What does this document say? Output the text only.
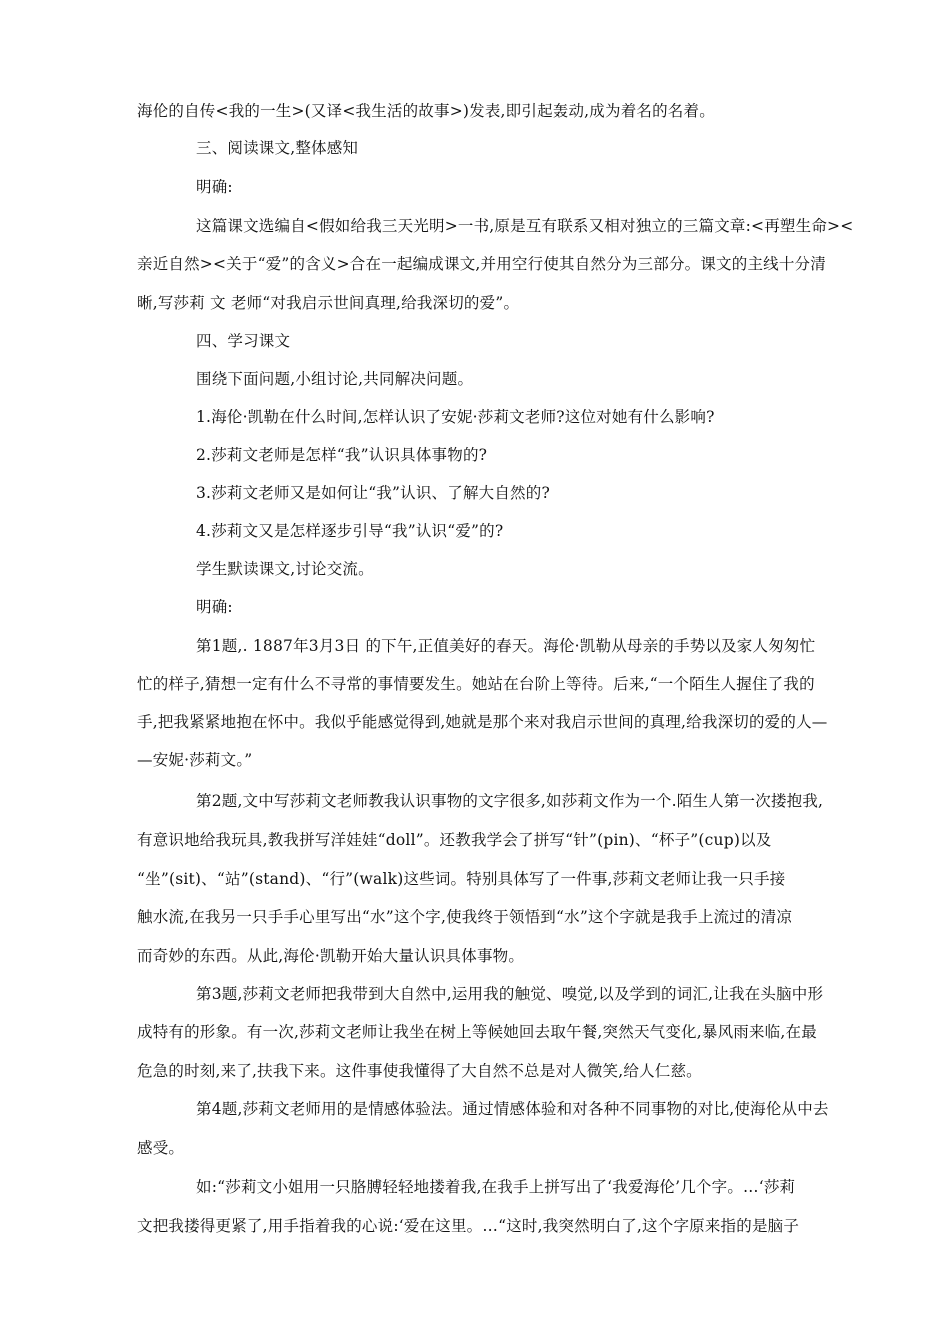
海伦的自传<我的一生>(又译<我生活的故事>)发表,即引起轰动,成为着名的名着。
三、阅读课文,整体感知
明确:
这篇课文选编自<假如给我三天光明>一书,原是互有联系又相对独立的三篇文章:<再塑生命><
亲近自然><关于“爱”的含义>合在一起编成课文,并用空行使其自然分为三部分。课文的主线十分清
晰,写莎莉 文 老师“对我启示世间真理,给我深切的爱”。
四、学习课文
围绕下面问题,小组讨论,共同解决问题。
1.海伦·凯勒在什么时间,怎样认识了安妮·莎莉文老师?这位对她有什么影响?
2.莎莉文老师是怎样“我”认识具体事物的?
3.莎莉文老师又是如何让“我”认识、了解大自然的?
4.莎莉文又是怎样逐步引导“我”认识“爱”的?
学生默读课文,讨论交流。
明确:
第1题,. 1887年3月3日 的下午,正值美好的春天。海伦·凯勒从母亲的手势以及家人匆匆忙
忙的样子,猜想一定有什么不寻常的事情要发生。她站在台阶上等待。后来,“一个陌生人握住了我的
手,把我紧紧地抱在怀中。我似乎能感觉得到,她就是那个来对我启示世间的真理,给我深切的爱的人—
—安妮·莎莉文。”
第2题,文中写莎莉文老师教我认识事物的文字很多,如莎莉文作为一个.陌生人第一次搂抱我,
有意识地给我玩具,教我拼写洋娃娃“doll”。还教我学会了拼写“针”(pin)、“杯子”(cup)以及
“坐”(sit)、“站”(stand)、“行”(walk)这些词。特别具体写了一件事,莎莉文老师让我一只手接
触水流,在我另一只手手心里写出“水”这个字,使我终于领悟到“水”这个字就是我手上流过的清凉
而奇妙的东西。从此,海伦·凯勒开始大量认识具体事物。
第3题,莎莉文老师把我带到大自然中,运用我的触觉、嗅觉,以及学到的词汇,让我在头脑中形
成特有的形象。有一次,莎莉文老师让我坐在树上等候她回去取午餐,突然天气变化,暴风雨来临,在最
危急的时刻,来了,扶我下来。这件事使我懂得了大自然不总是对人微笑,给人仁慈。
第4题,莎莉文老师用的是情感体验法。通过情感体验和对各种不同事物的对比,使海伦从中去
感受。
如:“莎莉文小姐用一只胳膊轻轻地搂着我,在我手上拼写出了‘我爱海伦’几个字。…‘莎莉
文把我搂得更紧了,用手指着我的心说:‘爱在这里。…“这时,我突然明白了,这个字原来指的是脑子
